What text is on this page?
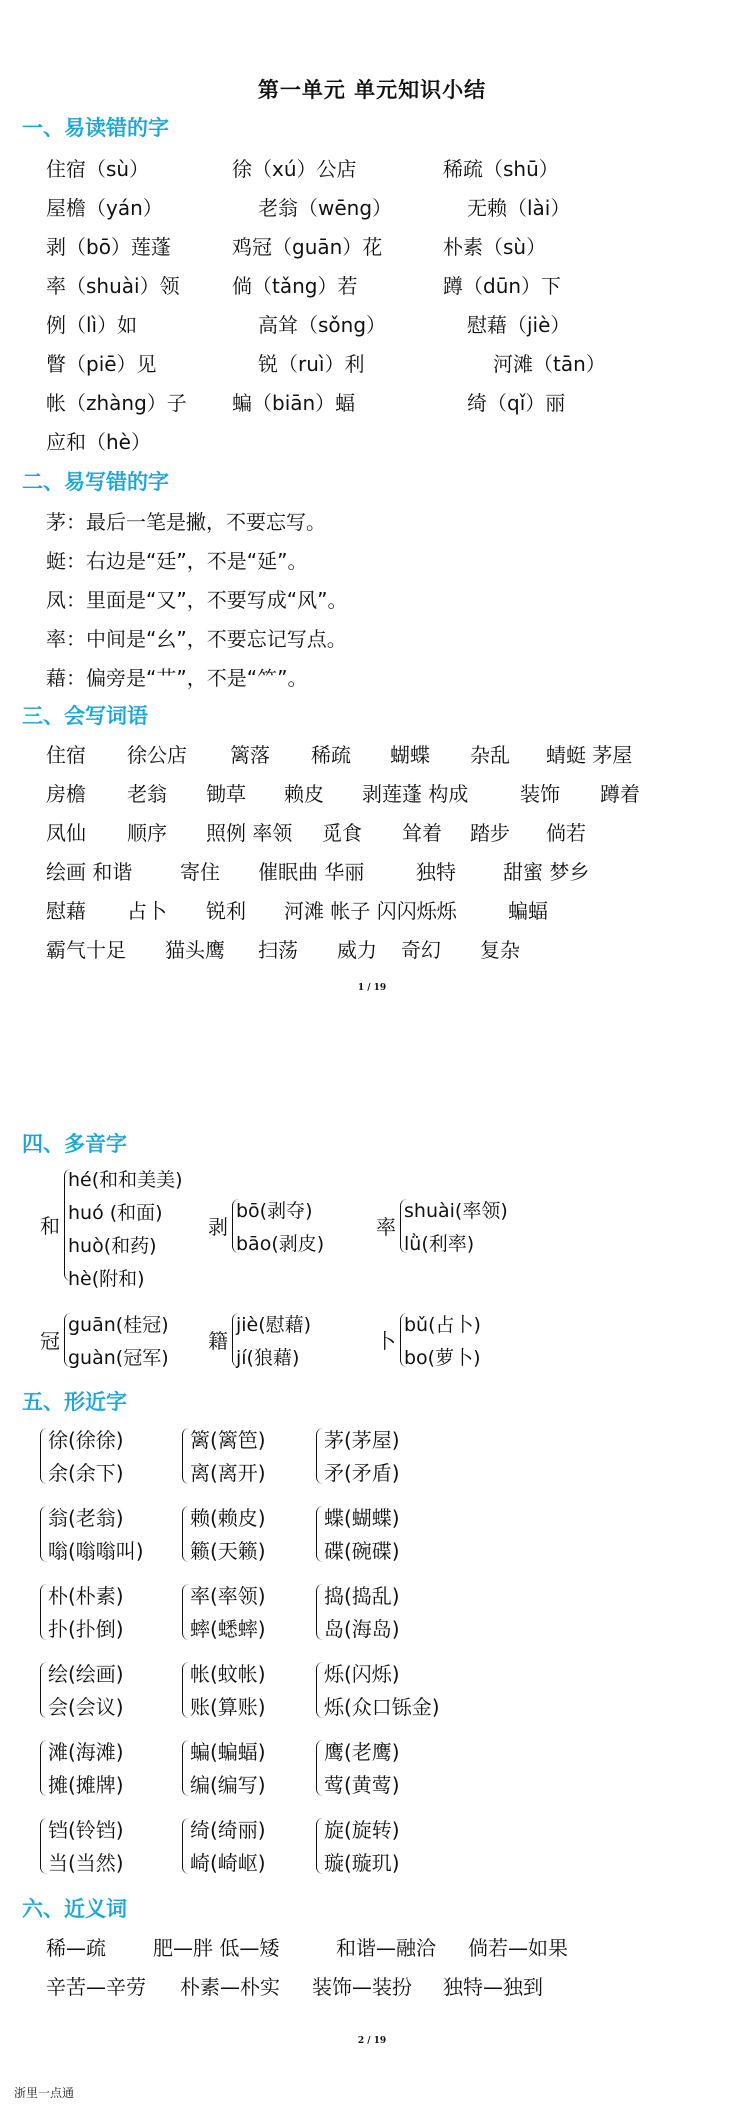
第一单元 单元知识小结
一、易读错的字
住宿（sù）	徐（xú）公店	稀疏（shū）
屋檐（yán）	老翁（wēng）	无赖（lài）
剥（bō）莲蓬	鸡冠（guān）花	朴素（sù）
率（shuài）领	倘（tǎng）若	蹲（dūn）下
例（lì）如	高耸（sǒng）	慰藉（jiè）
瞥（piē）见	锐（ruì）利	河滩（tān）
帐（zhàng）子 蝙（biān）蝠	绮（qǐ）丽
应和（hè）
二、易写错的字
茅：最后一笔是撇，不要忘写。
蜓：右边是“廷”，不是“延”。
凤：里面是“又”，不要写成“风”。
率：中间是“幺”，不要忘记写点。
藉：偏旁是“艹”，不是“⺮”。
三、会写词语
住宿 徐公店 篱落 稀疏 蝴蝶 杂乱 蜻蜓 茅屋
房檐 老翁 锄草 赖皮 剥莲蓬 构成	装饰 蹲着
凤仙 顺序 照例 率领 觅食 耸着 踏步 倘若
绘画 和谐 寄住 催眠曲 华丽	独特 甜蜜 梦乡
慰藉 占卜 锐利 河滩 帐子 闪闪烁烁	蝙蝠
霸气十足 猫头鹰 扫荡 威力 奇幻 复杂
1 / 19
四、多音字
和
hé(和和美美)
huó (和面)
huò(和药)
hè(附和)
剥
bō(剥夺)
bāo(剥皮)
率
shuài(率领)
lǜ(利率)
冠
guān(桂冠)
guàn(冠军)
籍
jiè(慰藉)
jí(狼藉)
卜
bǔ(占卜)
bo(萝卜)
五、形近字
徐(徐徐)
余(余下)
篱(篱笆)
离(离开)
茅(茅屋)
矛(矛盾)
翁(老翁)
嗡(嗡嗡叫)
赖(赖皮)
籁(天籁)
蝶(蝴蝶)
碟(碗碟)
朴(朴素)
扑(扑倒)
率(率领)
蟀(蟋蟀)
捣(捣乱)
岛(海岛)
绘(绘画)
会(会议)
帐(蚊帐)
账(算账)
烁(闪烁)
烁(众口铄金)
滩(海滩)
摊(摊牌)
蝙(蝙蝠)
编(编写)
鹰(老鹰)
莺(黄莺)
铛(铃铛)
当(当然)
绮(绮丽)
崎(崎岖)
旋(旋转)
璇(璇玑)
六、近义词
稀—疏 肥—胖 低—矮	和谐—融洽 倘若—如果
辛苦—辛劳 朴素—朴实 装饰—装扮 独特—独到
2 / 19
浙里一点通
